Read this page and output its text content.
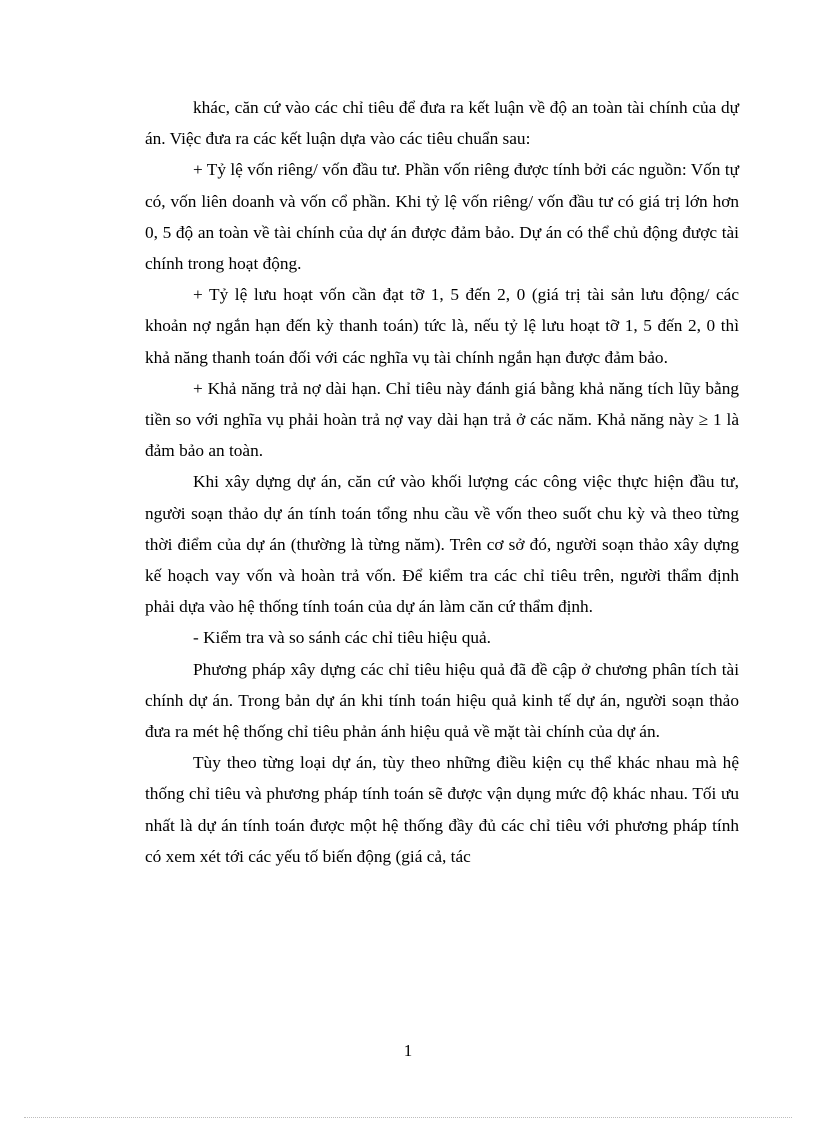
khác, căn cứ vào các chỉ tiêu để đưa ra kết luận về độ an toàn tài chính của dự án. Việc đưa ra các kết luận dựa vào các tiêu chuẩn sau:

+ Tỷ lệ vốn riêng/ vốn đầu tư. Phần vốn riêng được tính bởi các nguồn: Vốn tự có, vốn liên doanh và vốn cổ phần. Khi tỷ lệ vốn riêng/ vốn đầu tư có giá trị lớn hơn 0, 5 độ an toàn về tài chính của dự án được đảm bảo. Dự án có thể chủ động được tài chính trong hoạt động.

+ Tỷ lệ lưu hoạt vốn cần đạt tỡ 1, 5 đến 2, 0 (giá trị tài sản lưu động/ các khoản nợ ngắn hạn đến kỳ thanh toán) tức là, nếu tỷ lệ lưu hoạt tỡ 1, 5 đến 2, 0 thì khả năng thanh toán đối với các nghĩa vụ tài chính ngắn hạn được đảm bảo.

+ Khả năng trả nợ dài hạn. Chỉ tiêu này đánh giá bằng khả năng tích lũy bằng tiền so với nghĩa vụ phải hoàn trả nợ vay dài hạn trả ở các năm. Khả năng này ≥ 1 là đảm bảo an toàn.

Khi xây dựng dự án, căn cứ vào khối lượng các công việc thực hiện đầu tư, người soạn thảo dự án tính toán tổng nhu cầu về vốn theo suốt chu kỳ và theo từng thời điểm của dự án (thường là từng năm). Trên cơ sở đó, người soạn thảo xây dựng kế hoạch vay vốn và hoàn trả vốn. Để kiểm tra các chỉ tiêu trên, người thẩm định phải dựa vào hệ thống tính toán của dự án làm căn cứ thẩm định.

- Kiểm tra và so sánh các chỉ tiêu hiệu quả.

Phương pháp xây dựng các chỉ tiêu hiệu quả đã đề cập ở chương phân tích tài chính dự án. Trong bản dự án khi tính toán hiệu quả kinh tế dự án, người soạn thảo đưa ra mét hệ thống chỉ tiêu phản ánh hiệu quả về mặt tài chính của dự án.

Tùy theo từng loại dự án, tùy theo những điều kiện cụ thể khác nhau mà hệ thống chỉ tiêu và phương pháp tính toán sẽ được vận dụng mức độ khác nhau. Tối ưu nhất là dự án tính toán được một hệ thống đầy đủ các chỉ tiêu với phương pháp tính có xem xét tới các yếu tố biến động (giá cả, tác

1
